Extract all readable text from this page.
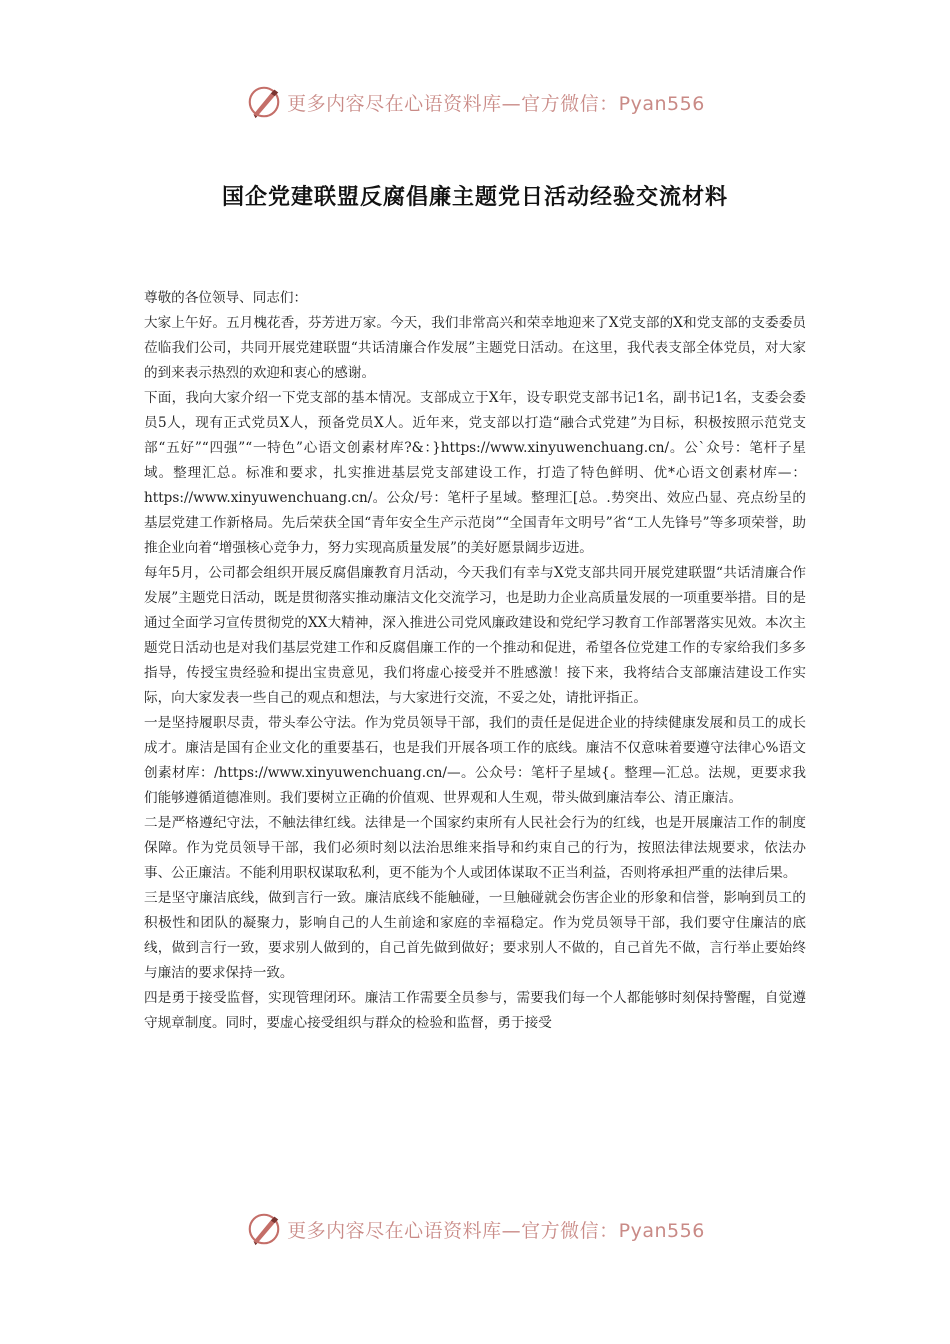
更多内容尽在心语资料库—官方微信：Pyan556
国企党建联盟反腐倡廉主题党日活动经验交流材料

尊敬的各位领导、同志们：

大家上午好。五月槐花香，芬芳进万家。今天，我们非常高兴和荣幸地迎来了X党支部的X和党支部的支委委员莅临我们公司，共同开展党建联盟“共话清廉合作发展”主题党日活动。在这里，我代表支部全体党员，对大家的到来表示热烈的欢迎和衷心的感谢。

下面，我向大家介绍一下党支部的基本情况。支部成立于X年，设专职党支部书记1名，副书记1名，支委会委员5人，现有正式党员X人，预备党员X人。近年来，党支部以打造“融合式党建”为目标，积极按照示范党支部“五好”“四强”“一特色”心语文创素材库?&：}https://www.xinyuwenchuang.cn/。公`众号：笔杆子星域。整理汇总。标准和要求，扎实推进基层党支部建设工作，打造了特色鲜明、优*心语文创素材库—：https://www.xinyuwenchuang.cn/。公众/号：笔杆子星域。整理汇[总。.势突出、效应凸显、亮点纷呈的基层党建工作新格局。先后荣获全国“青年安全生产示范岗”“全国青年文明号”省“工人先锋号”等多项荣誉，助推企业向着“增强核心竞争力，努力实现高质量发展”的美好愿景阔步迈进。

每年5月，公司都会组织开展反腐倡廉教育月活动，今天我们有幸与X党支部共同开展党建联盟“共话清廉合作发展”主题党日活动，既是贯彻落实推动廉洁文化交流学习，也是助力企业高质量发展的一项重要举措。目的是通过全面学习宣传贯彻党的XX大精神，深入推进公司党风廉政建设和党纪学习教育工作部署落实见效。本次主题党日活动也是对我们基层党建工作和反腐倡廉工作的一个推动和促进，希望各位党建工作的专家给我们多多指导，传授宝贵经验和提出宝贵意见，我们将虚心接受并不胜感激！接下来，我将结合支部廉洁建设工作实际，向大家发表一些自己的观点和想法，与大家进行交流，不妥之处，请批评指正。

一是坚持履职尽责，带头奉公守法。作为党员领导干部，我们的责任是促进企业的持续健康发展和员工的成长成才。廉洁是国有企业文化的重要基石，也是我们开展各项工作的底线。廉洁不仅意味着要遵守法律心%语文创素材库：/https://www.xinyuwenchuang.cn/—。公众号：笔杆子星域{。整理—汇总。法规，更要求我们能够遵循道德准则。我们要树立正确的价值观、世界观和人生观，带头做到廉洁奉公、清正廉洁。

二是严格遵纪守法，不触法律红线。法律是一个国家约束所有人民社会行为的红线，也是开展廉洁工作的制度保障。作为党员领导干部，我们必须时刻以法治思维来指导和约束自己的行为，按照法律法规要求，依法办事、公正廉洁。不能利用职权谋取私利，更不能为个人或团体谋取不正当利益，否则将承担严重的法律后果。

三是坚守廉洁底线，做到言行一致。廉洁底线不能触碰，一旦触碰就会伤害企业的形象和信誉，影响到员工的积极性和团队的凝聚力，影响自己的人生前途和家庭的幸福稳定。作为党员领导干部，我们要守住廉洁的底线，做到言行一致，要求别人做到的，自己首先做到做好；要求别人不做的，自己首先不做，言行举止要始终与廉洁的要求保持一致。

四是勇于接受监督，实现管理闭环。廉洁工作需要全员参与，需要我们每一个人都能够时刻保持警醒，自觉遵守规章制度。同时，要虚心接受组织与群众的检验和监督，勇于接受

更多内容尽在心语资料库—官方微信：Pyan556
